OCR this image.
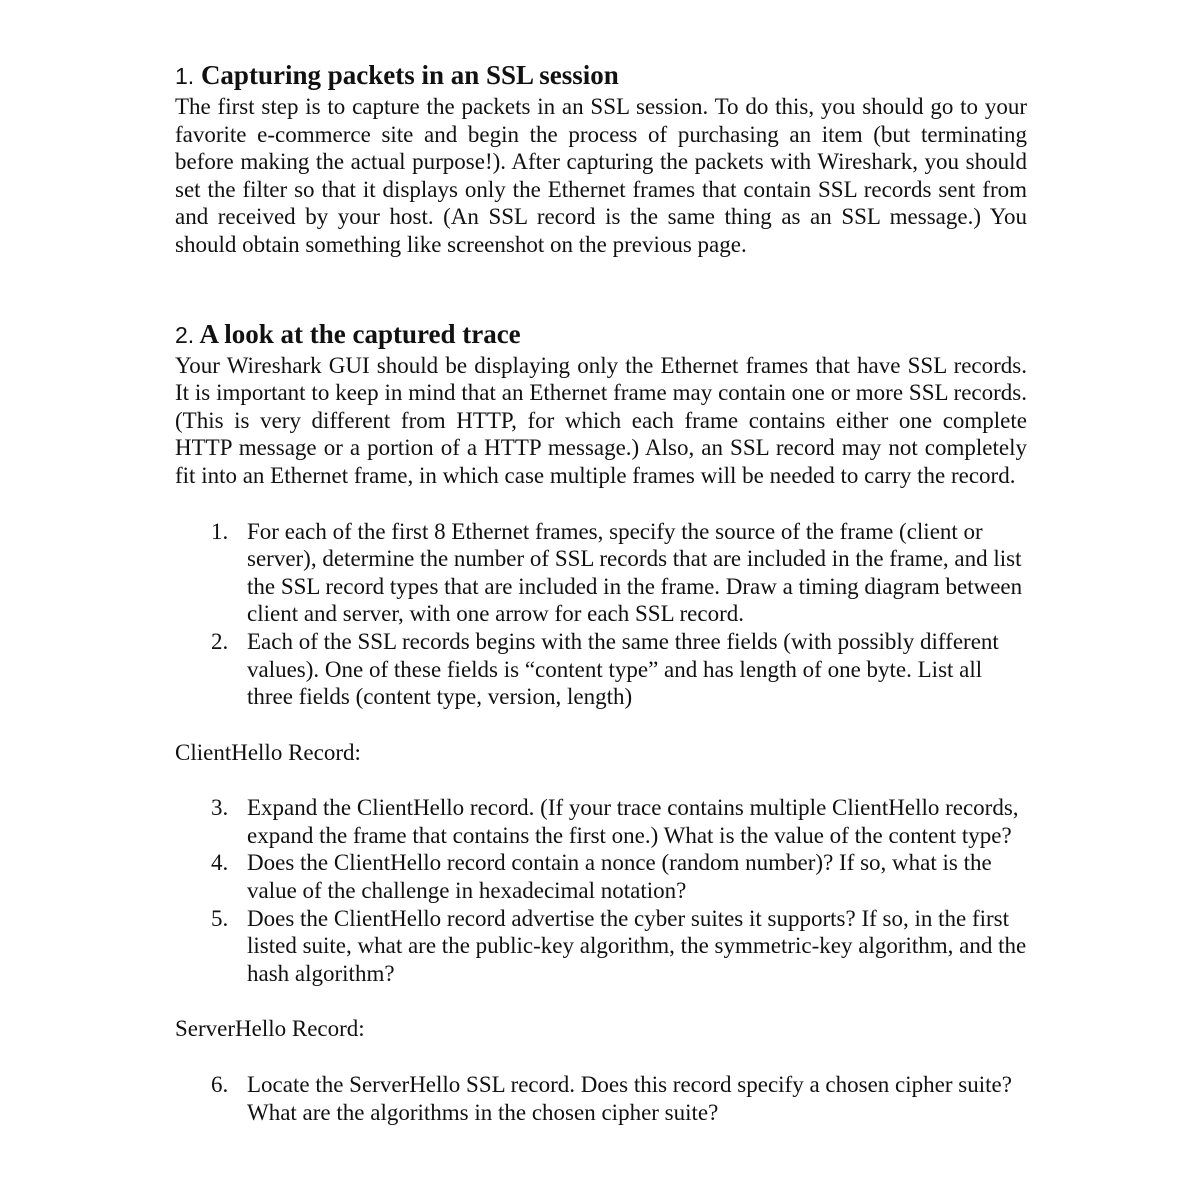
1. Capturing packets in an SSL session

The first step is to capture the packets in an SSL session. To do this, you should go to your favorite e-commerce site and begin the process of purchasing an item (but terminating before making the actual purpose!). After capturing the packets with Wireshark, you should set the filter so that it displays only the Ethernet frames that contain SSL records sent from and received by your host. (An SSL record is the same thing as an SSL message.) You should obtain something like screenshot on the previous page.

2. A look at the captured trace

Your Wireshark GUI should be displaying only the Ethernet frames that have SSL records. It is important to keep in mind that an Ethernet frame may contain one or more SSL records. (This is very different from HTTP, for which each frame contains either one complete HTTP message or a portion of a HTTP message.) Also, an SSL record may not completely fit into an Ethernet frame, in which case multiple frames will be needed to carry the record.

1. For each of the first 8 Ethernet frames, specify the source of the frame (client or server), determine the number of SSL records that are included in the frame, and list the SSL record types that are included in the frame. Draw a timing diagram between client and server, with one arrow for each SSL record.
2. Each of the SSL records begins with the same three fields (with possibly different values). One of these fields is “content type” and has length of one byte. List all three fields (content type, version, length)

ClientHello Record:

3. Expand the ClientHello record. (If your trace contains multiple ClientHello records, expand the frame that contains the first one.) What is the value of the content type?
4. Does the ClientHello record contain a nonce (random number)? If so, what is the value of the challenge in hexadecimal notation?
5. Does the ClientHello record advertise the cyber suites it supports? If so, in the first listed suite, what are the public-key algorithm, the symmetric-key algorithm, and the hash algorithm?

ServerHello Record:

6. Locate the ServerHello SSL record. Does this record specify a chosen cipher suite? What are the algorithms in the chosen cipher suite?
